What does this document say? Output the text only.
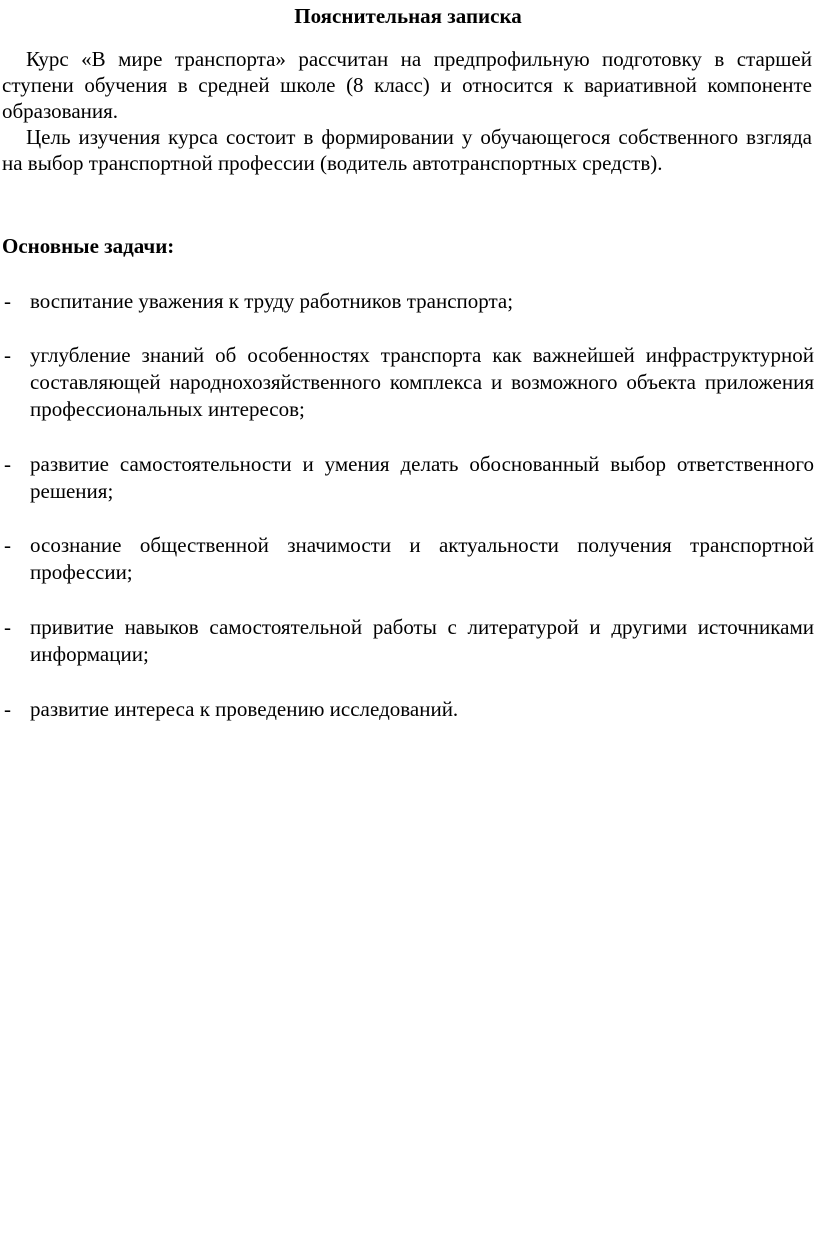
Пояснительная записка

Курс «В мире транспорта» рассчитан на предпрофильную подготовку в старшей ступени обучения в средней школе (8 класс) и относится к вариативной компоненте образования.

Цель изучения курса состоит в формировании у обучающегося собственного взгляда на выбор транспортной профессии (водитель автотранспортных средств).

Основные задачи:
- воспитание уважения к труду работников транспорта;
- углубление знаний об особенностях транспорта как важнейшей инфраструктурной составляющей народнохозяйственного комплекса и возможного объекта приложения профессиональных интересов;
- развитие самостоятельности и умения делать обоснованный выбор ответственного решения;
- осознание общественной значимости и актуальности получения транспортной профессии;
- привитие навыков самостоятельной работы с литературой и другими источниками информации;
- развитие интереса к проведению исследований.
